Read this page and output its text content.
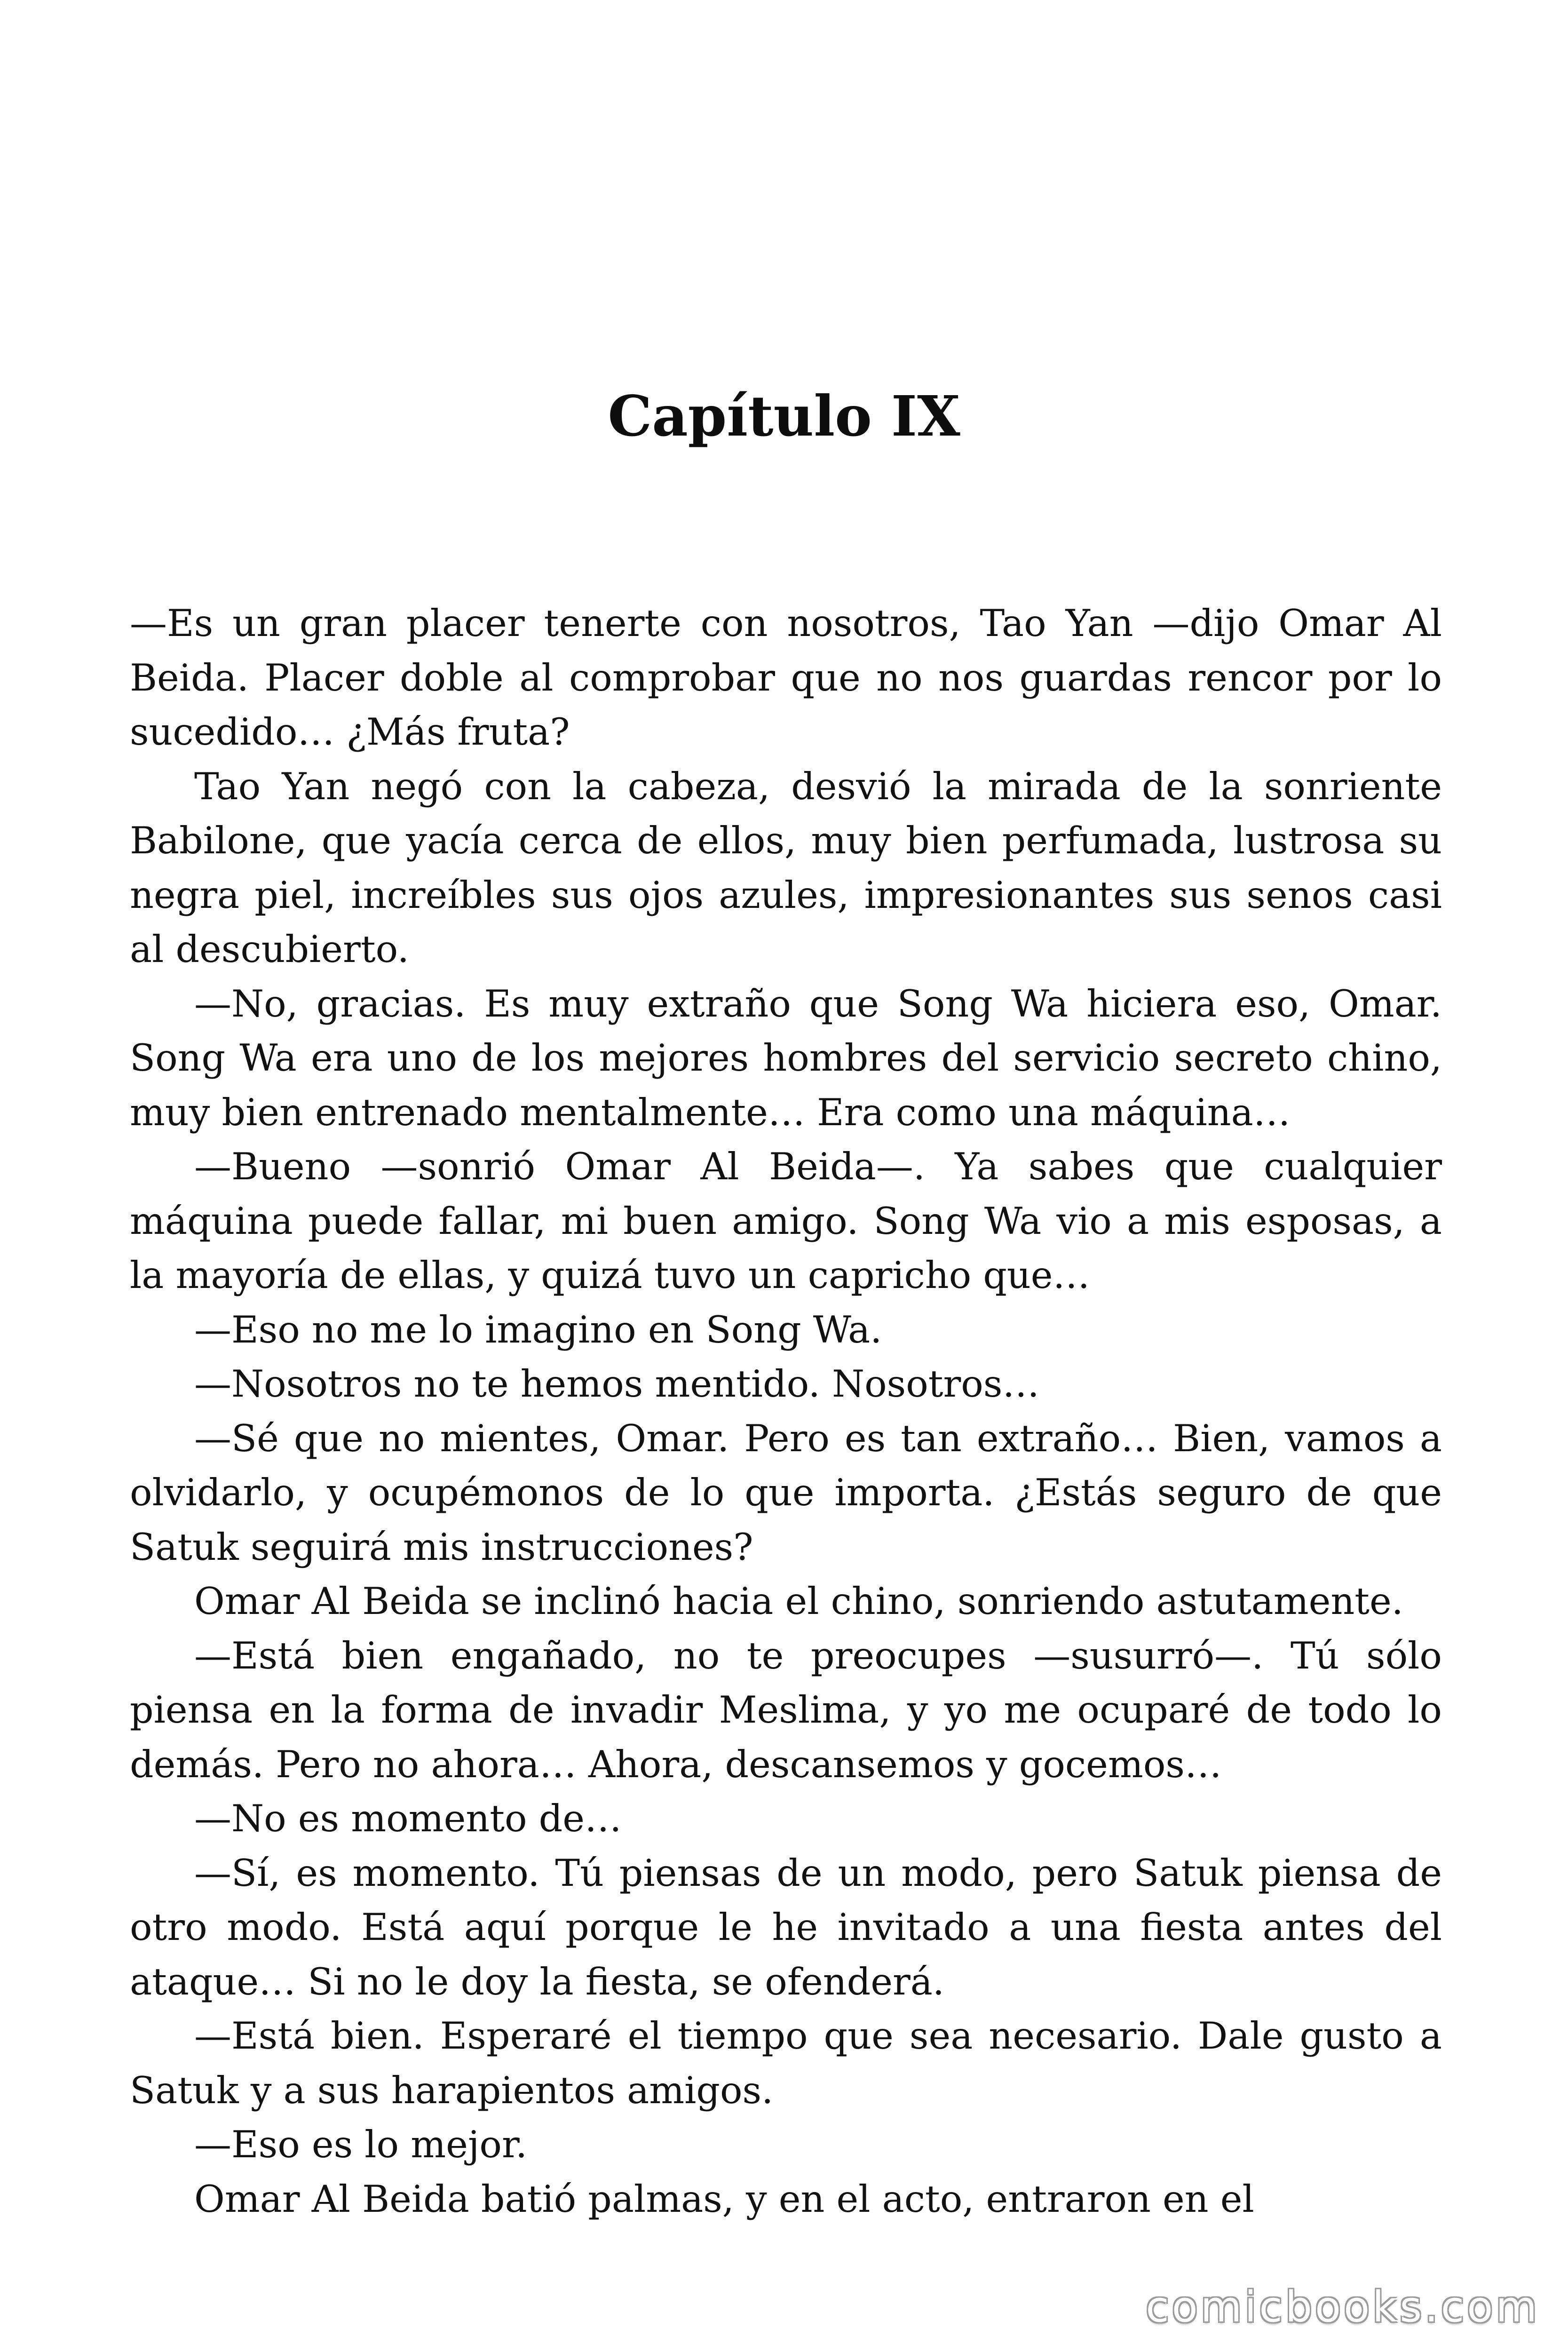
Capítulo IX

—Es un gran placer tenerte con nosotros, Tao Yan —dijo Omar Al Beida. Placer doble al comprobar que no nos guardas rencor por lo sucedido… ¿Más fruta?

Tao Yan negó con la cabeza, desvió la mirada de la sonriente Babilone, que yacía cerca de ellos, muy bien perfumada, lustrosa su negra piel, increíbles sus ojos azules, impresionantes sus senos casi al descubierto.

—No, gracias. Es muy extraño que Song Wa hiciera eso, Omar. Song Wa era uno de los mejores hombres del servicio secreto chino, muy bien entrenado mentalmente… Era como una máquina…

—Bueno —sonrió Omar Al Beida—. Ya sabes que cualquier máquina puede fallar, mi buen amigo. Song Wa vio a mis esposas, a la mayoría de ellas, y quizá tuvo un capricho que…

—Eso no me lo imagino en Song Wa.

—Nosotros no te hemos mentido. Nosotros…

—Sé que no mientes, Omar. Pero es tan extraño… Bien, vamos a olvidarlo, y ocupémonos de lo que importa. ¿Estás seguro de que Satuk seguirá mis instrucciones?

Omar Al Beida se inclinó hacia el chino, sonriendo astutamente.

—Está bien engañado, no te preocupes —susurró—. Tú sólo piensa en la forma de invadir Meslima, y yo me ocuparé de todo lo demás. Pero no ahora… Ahora, descansemos y gocemos…

—No es momento de…

—Sí, es momento. Tú piensas de un modo, pero Satuk piensa de otro modo. Está aquí porque le he invitado a una fiesta antes del ataque… Si no le doy la fiesta, se ofenderá.

—Está bien. Esperaré el tiempo que sea necesario. Dale gusto a Satuk y a sus harapientos amigos.

—Eso es lo mejor.

Omar Al Beida batió palmas, y en el acto, entraron en el

comicbooks.com
